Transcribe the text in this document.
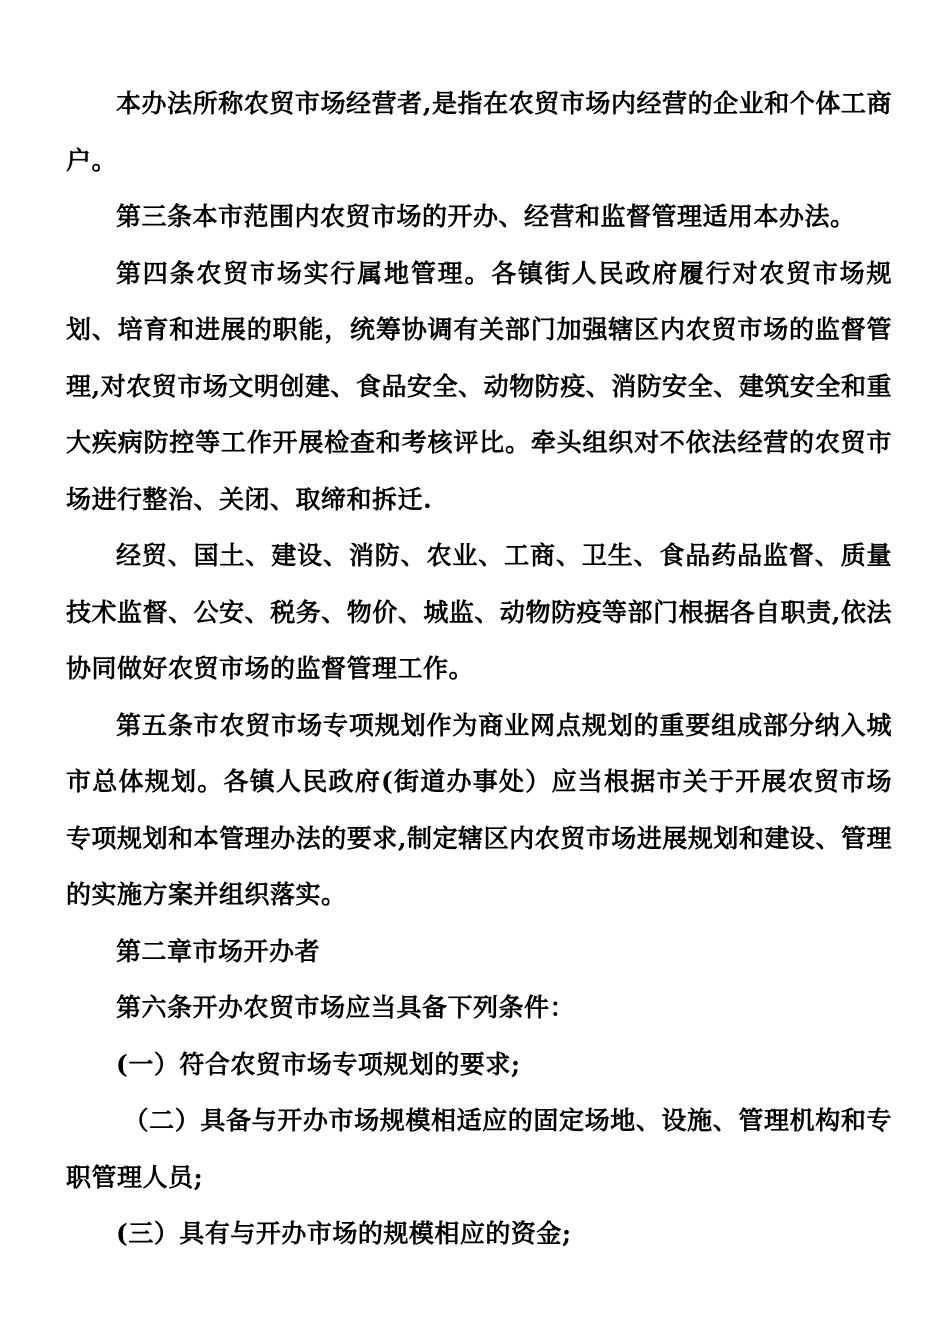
本办法所称农贸市场经营者,是指在农贸市场内经营的企业和个体工商户。

第三条本市范围内农贸市场的开办、经营和监督管理适用本办法。

第四条农贸市场实行属地管理。各镇街人民政府履行对农贸市场规划、培育和进展的职能，统筹协调有关部门加强辖区内农贸市场的监督管理,对农贸市场文明创建、食品安全、动物防疫、消防安全、建筑安全和重大疾病防控等工作开展检查和考核评比。牵头组织对不依法经营的农贸市场进行整治、关闭、取缔和拆迁.

经贸、国土、建设、消防、农业、工商、卫生、食品药品监督、质量技术监督、公安、税务、物价、城监、动物防疫等部门根据各自职责,依法协同做好农贸市场的监督管理工作。

第五条市农贸市场专项规划作为商业网点规划的重要组成部分纳入城市总体规划。各镇人民政府(街道办事处）应当根据市关于开展农贸市场专项规划和本管理办法的要求,制定辖区内农贸市场进展规划和建设、管理的实施方案并组织落实。

第二章市场开办者

第六条开办农贸市场应当具备下列条件：

(一）符合农贸市场专项规划的要求;

（二）具备与开办市场规模相适应的固定场地、设施、管理机构和专职管理人员;

(三）具有与开办市场的规模相应的资金;
